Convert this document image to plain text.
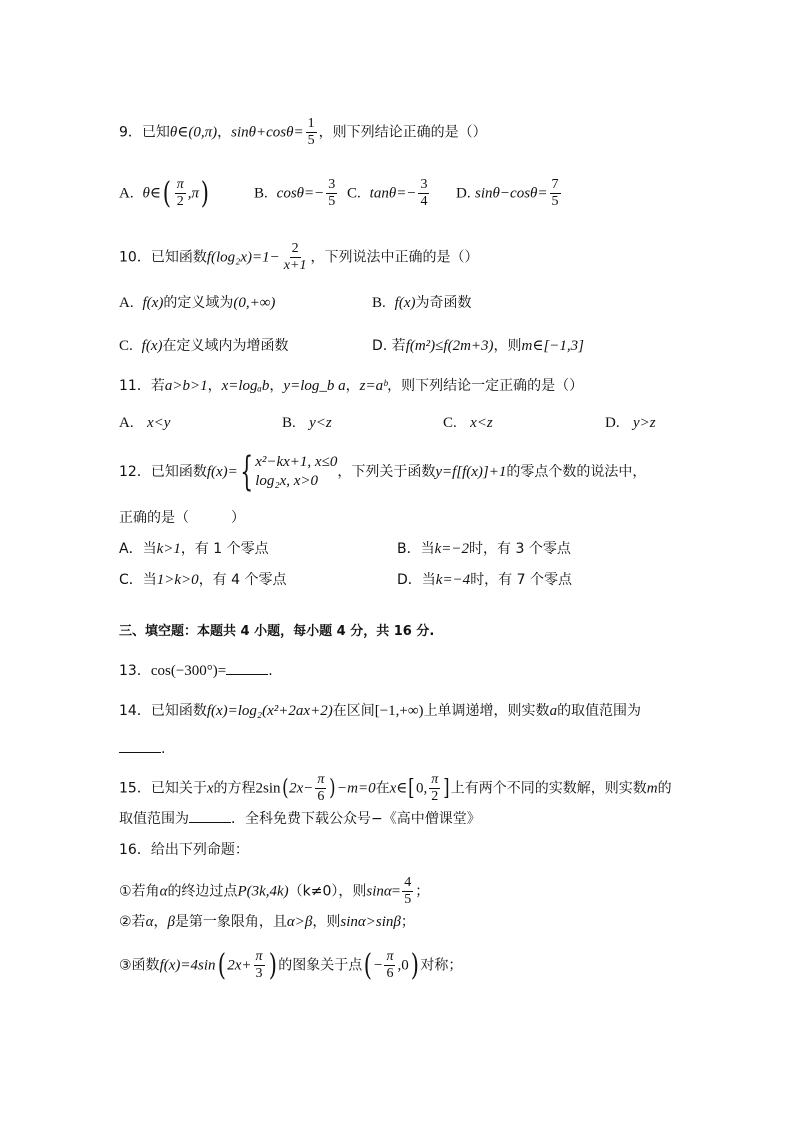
9．已知θ∈(0,π)，$\sin\theta+\cos\theta= \frac{1}{5}$ ，则下列结论正确的是（）
A. θ∈( $\frac{\pi}{2} ,\pi$)	B. $\cos\theta=- \frac{3}{5} C$. $\tan\theta=- \frac{3}{4} D$. $\sin\theta-\cos\theta= \frac{7}{5}$
10．已知函数$f(\log_2x)=1- \frac{2}{x+1}$ ，下列说法中正确的是（）
A. f(x)的定义域为(0,+∞)	B. f(x)为奇函数
C. f(x)在定义域内为增函数	D. 若f(m²)≤f(2m+3)，则m∈[−1,3]
11．若a>b>1，x=logₐb，y=log_b a，z=aᵇ，则下列结论一定正确的是（）
A. x<y	B. y<z	C. x<z	D. y>z
12．已知函数f(x)={ x²−kx+1, x≤0
log₂x, x>0
，下列关于函数y=f[f(x)]+1的零点个数的说法中，
正确的是（　　　）
A．当k>1，有 1 个零点	B．当k=−2时，有 3 个零点
C．当1>k>0，有 4 个零点	D．当k=−4时，有 7 个零点
三、填空题：本题共 4 小题，每小题 4 分，共 16 分.
13．cos(−300°)=	.
14．已知函数f(x)=log₂(x²+2ax+2)在区间[−1,+∞)上单调递增，则实数a的取值范围为
.
15．已知关于x的方程$2\sin(2x- \frac{\pi}{6} )-m=0$在x∈[0, $\frac{\pi}{2}$ ]上有两个不同的实数解，则实数m的
取值范围为	．全科免费下载公众号−《高中僧课堂》
16．给出下列命题：
①若角α的终边过点P(3k,4k)（k≠0），则$\sin\alpha= \frac{4}{5}$ ；
②若α，β是第一象限角，且α>β，则sinα>sinβ；
③函数f(x)=4sin( $2x+ \frac{\pi}{3}$ ) 的图象关于点( − $\frac{\pi}{6} ,0$) 对称；
